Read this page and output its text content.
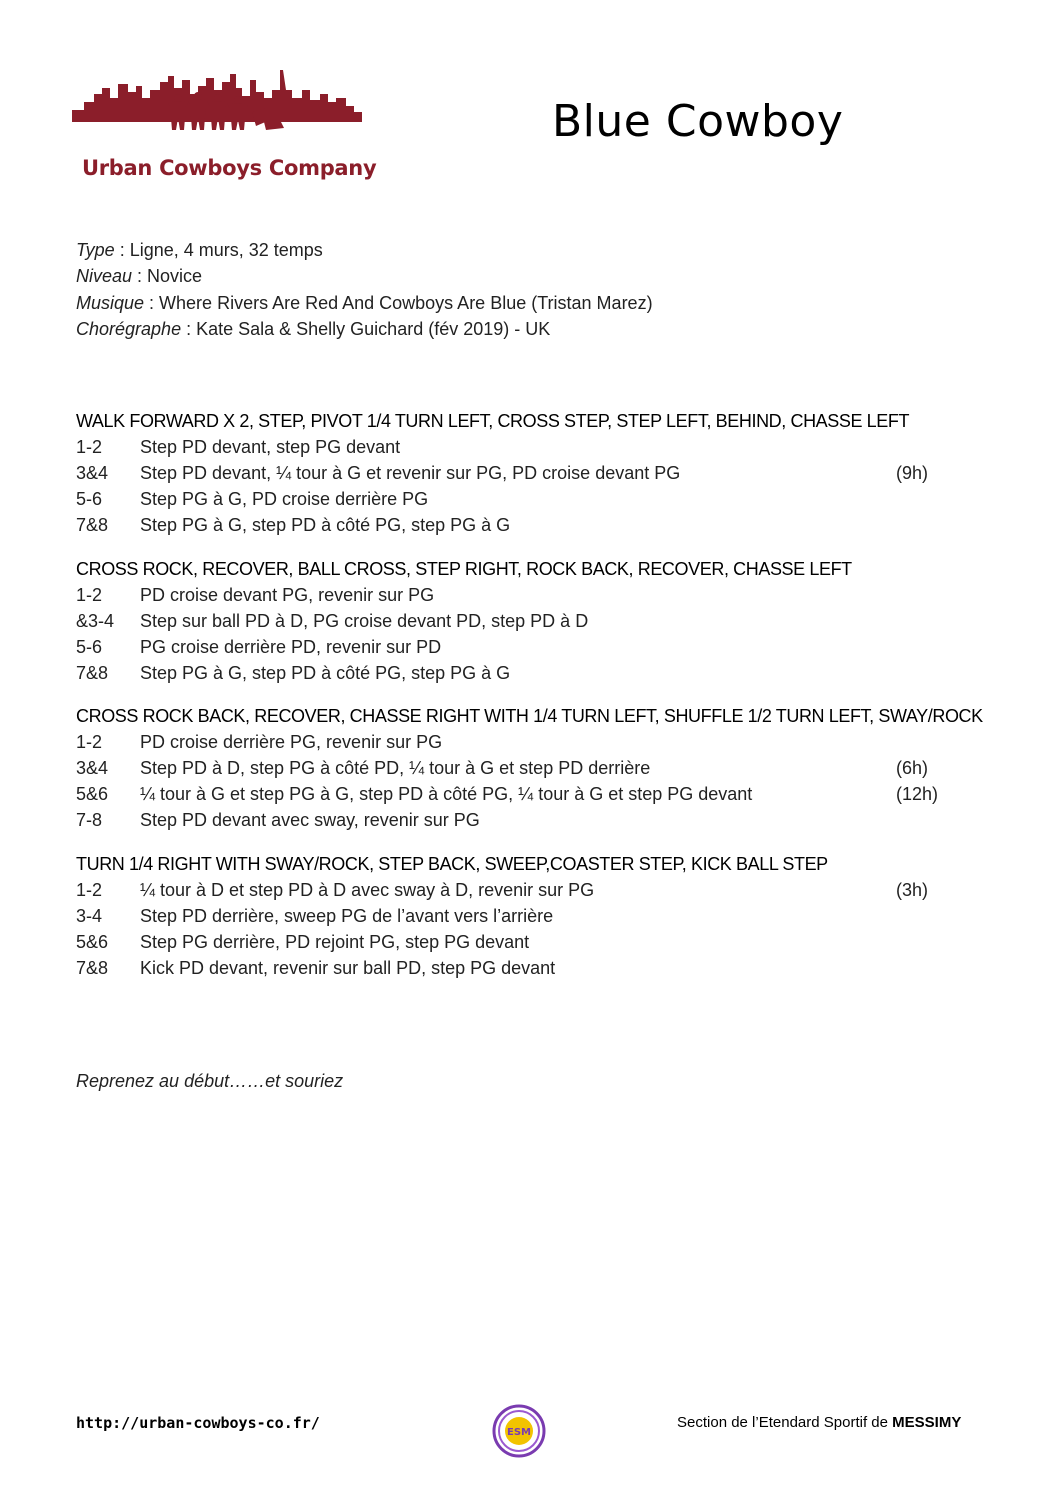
Urban Cowboys Company
Blue Cowboy
Type : Ligne, 4 murs, 32 temps
Niveau : Novice
Musique : Where Rivers Are Red And Cowboys Are Blue (Tristan Marez)
Chorégraphe : Kate Sala & Shelly Guichard (fév 2019) - UK
WALK FORWARD X 2, STEP, PIVOT 1/4 TURN LEFT, CROSS STEP, STEP LEFT, BEHIND, CHASSE LEFT
1-2 Step PD devant, step PG devant
3&4 Step PD devant, ¼ tour à G et revenir sur PG, PD croise devant PG	(9h)
5-6 Step PG à G, PD croise derrière PG
7&8 Step PG à G, step PD à côté PG, step PG à G
CROSS ROCK, RECOVER, BALL CROSS, STEP RIGHT, ROCK BACK, RECOVER, CHASSE LEFT
1-2 PD croise devant PG, revenir sur PG
&3-4 Step sur ball PD à D, PG croise devant PD, step PD à D
5-6 PG croise derrière PD, revenir sur PD
7&8 Step PG à G, step PD à côté PG, step PG à G
CROSS ROCK BACK, RECOVER, CHASSE RIGHT WITH 1/4 TURN LEFT, SHUFFLE 1/2 TURN LEFT, SWAY/ROCK
1-2 PD croise derrière PG, revenir sur PG
3&4 Step PD à D, step PG à côté PD, ¼ tour à G et step PD derrière	(6h)
5&6 ¼ tour à G et step PG à G, step PD à côté PG, ¼ tour à G et step PG devant	(12h)
7-8 Step PD devant avec sway, revenir sur PG
TURN 1/4 RIGHT WITH SWAY/ROCK, STEP BACK, SWEEP,COASTER STEP, KICK BALL STEP
1-2 ¼ tour à D et step PD à D avec sway à D, revenir sur PG	(3h)
3-4 Step PD derrière, sweep PG de l’avant vers l’arrière
5&6 Step PG derrière, PD rejoint PG, step PG devant
7&8 Kick PD devant, revenir sur ball PD, step PG devant
Reprenez au début……et souriez
http://urban-cowboys-co.fr/
ESM
Section de l’Etendard Sportif de MESSIMY
